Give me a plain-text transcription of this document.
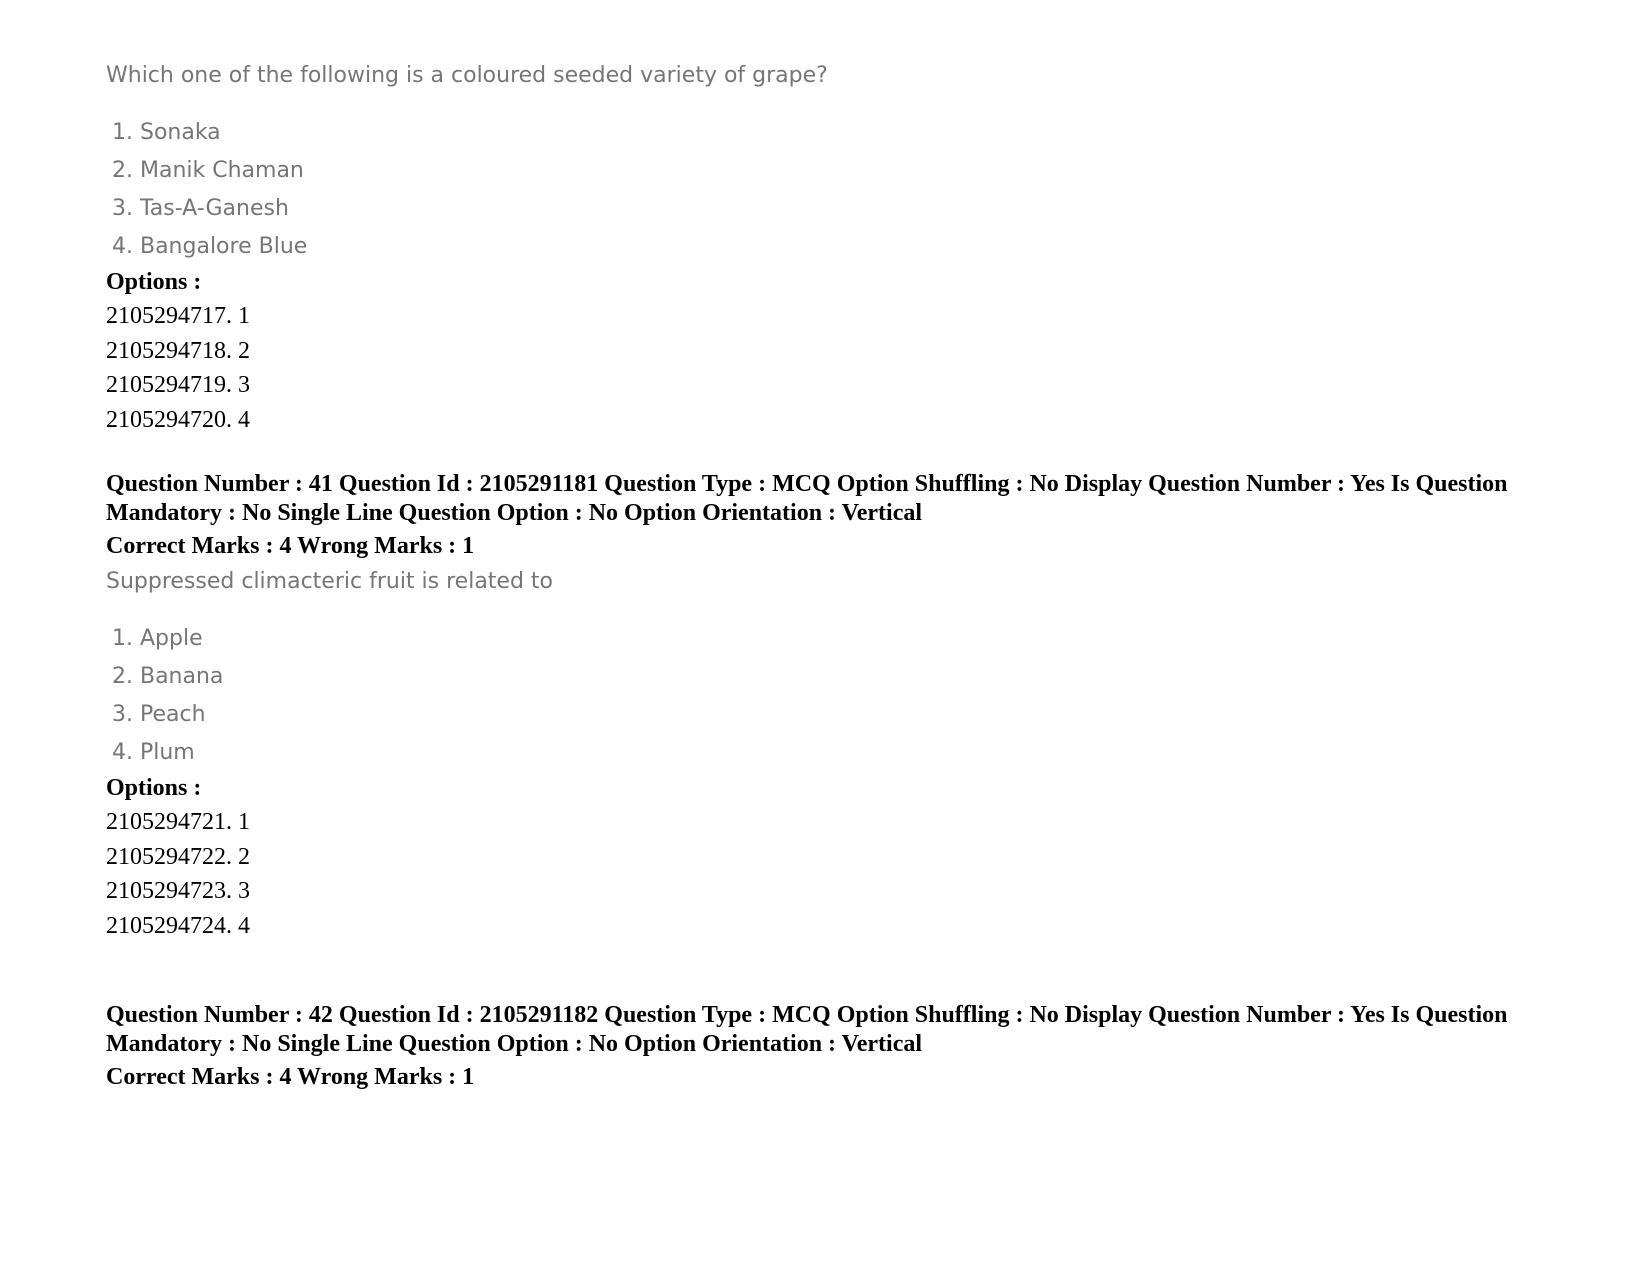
Which one of the following is a coloured seeded variety of grape?
1. Sonaka
2. Manik Chaman
3. Tas-A-Ganesh
4. Bangalore Blue
Options :
2105294717. 1
2105294718. 2
2105294719. 3
2105294720. 4
Question Number : 41 Question Id : 2105291181 Question Type : MCQ Option Shuffling : No Display Question Number : Yes Is Question Mandatory : No Single Line Question Option : No Option Orientation : Vertical
Correct Marks : 4 Wrong Marks : 1
Suppressed climacteric fruit is related to
1. Apple
2. Banana
3. Peach
4. Plum
Options :
2105294721. 1
2105294722. 2
2105294723. 3
2105294724. 4
Question Number : 42 Question Id : 2105291182 Question Type : MCQ Option Shuffling : No Display Question Number : Yes Is Question Mandatory : No Single Line Question Option : No Option Orientation : Vertical
Correct Marks : 4 Wrong Marks : 1
